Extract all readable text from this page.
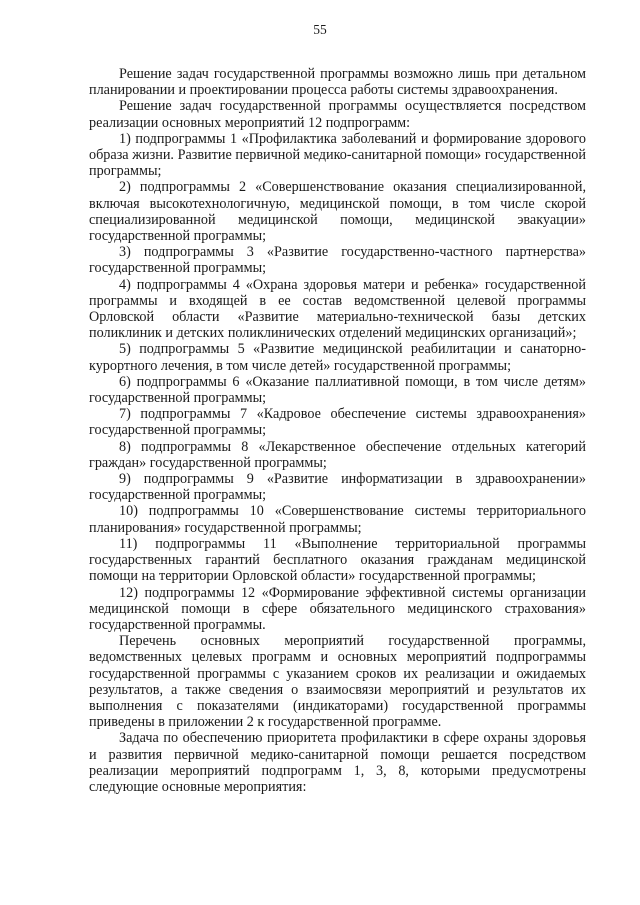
55

Решение задач государственной программы возможно лишь при детальном планировании и проектировании процесса работы системы здравоохранения.

Решение задач государственной программы осуществляется посредством реализации основных мероприятий 12 подпрограмм:

1) подпрограммы 1 «Профилактика заболеваний и формирование здорового образа жизни. Развитие первичной медико-санитарной помощи» государственной программы;

2) подпрограммы 2 «Совершенствование оказания специализированной, включая высокотехнологичную, медицинской помощи, в том числе скорой специализированной медицинской помощи, медицинской эвакуации» государственной программы;

3) подпрограммы 3 «Развитие государственно-частного партнерства» государственной программы;

4) подпрограммы 4 «Охрана здоровья матери и ребенка» государственной программы и входящей в ее состав ведомственной целевой программы Орловской области «Развитие материально-технической базы детских поликлиник и детских поликлинических отделений медицинских организаций»;

5) подпрограммы 5 «Развитие медицинской реабилитации и санаторно-курортного лечения, в том числе детей» государственной программы;

6) подпрограммы 6 «Оказание паллиативной помощи, в том числе детям» государственной программы;

7) подпрограммы 7 «Кадровое обеспечение системы здравоохранения» государственной программы;

8) подпрограммы 8 «Лекарственное обеспечение отдельных категорий граждан» государственной программы;

9) подпрограммы 9 «Развитие информатизации в здравоохранении» государственной программы;

10) подпрограммы 10 «Совершенствование системы территориального планирования» государственной программы;

11) подпрограммы 11 «Выполнение территориальной программы государственных гарантий бесплатного оказания гражданам медицинской помощи на территории Орловской области» государственной программы;

12) подпрограммы 12 «Формирование эффективной системы организации медицинской помощи в сфере обязательного медицинского страхования» государственной программы.

Перечень основных мероприятий государственной программы, ведомственных целевых программ и основных мероприятий подпрограммы государственной программы с указанием сроков их реализации и ожидаемых результатов, а также сведения о взаимосвязи мероприятий и результатов их выполнения с показателями (индикаторами) государственной программы приведены в приложении 2 к государственной программе.

Задача по обеспечению приоритета профилактики в сфере охраны здоровья и развития первичной медико-санитарной помощи решается посредством реализации мероприятий подпрограмм 1, 3, 8, которыми предусмотрены следующие основные мероприятия:
